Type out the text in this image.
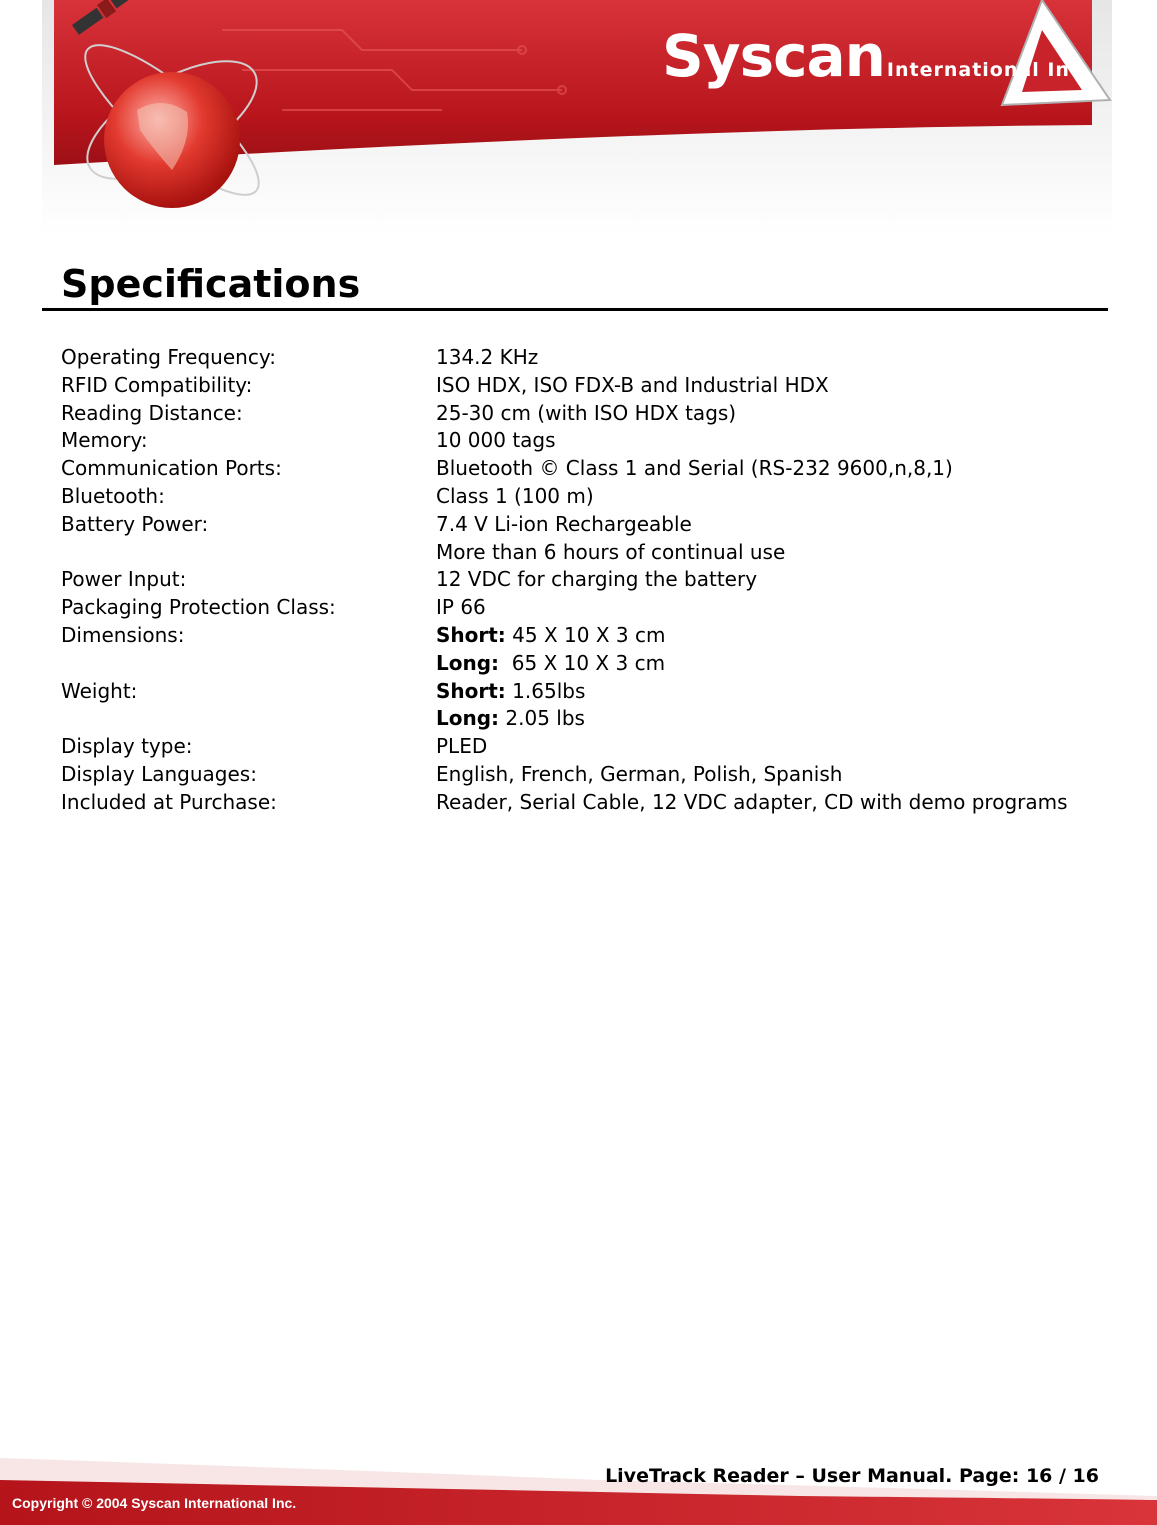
Syscan International Inc.
Specifications
Operating Frequency:	134.2 KHz
RFID Compatibility:	ISO HDX, ISO FDX-B and Industrial HDX
Reading Distance:	25-30 cm (with ISO HDX tags)
Memory:	10 000 tags
Communication Ports:	Bluetooth © Class 1 and Serial (RS-232 9600,n,8,1)
Bluetooth:	Class 1 (100 m)
Battery Power:	7.4 V Li-ion Rechargeable
More than 6 hours of continual use
Power Input:	12 VDC for charging the battery
Packaging Protection Class:	IP 66
Dimensions:	Short: 45 X 10 X 3 cm
Long:  65 X 10 X 3 cm
Weight:	Short: 1.65lbs
Long: 2.05 lbs
Display type:	PLED
Display Languages:	English, French, German, Polish, Spanish
Included at Purchase:	Reader, Serial Cable, 12 VDC adapter, CD with demo programs
LiveTrack Reader – User Manual. Page: 16 / 16
Copyright © 2004 Syscan International Inc.
